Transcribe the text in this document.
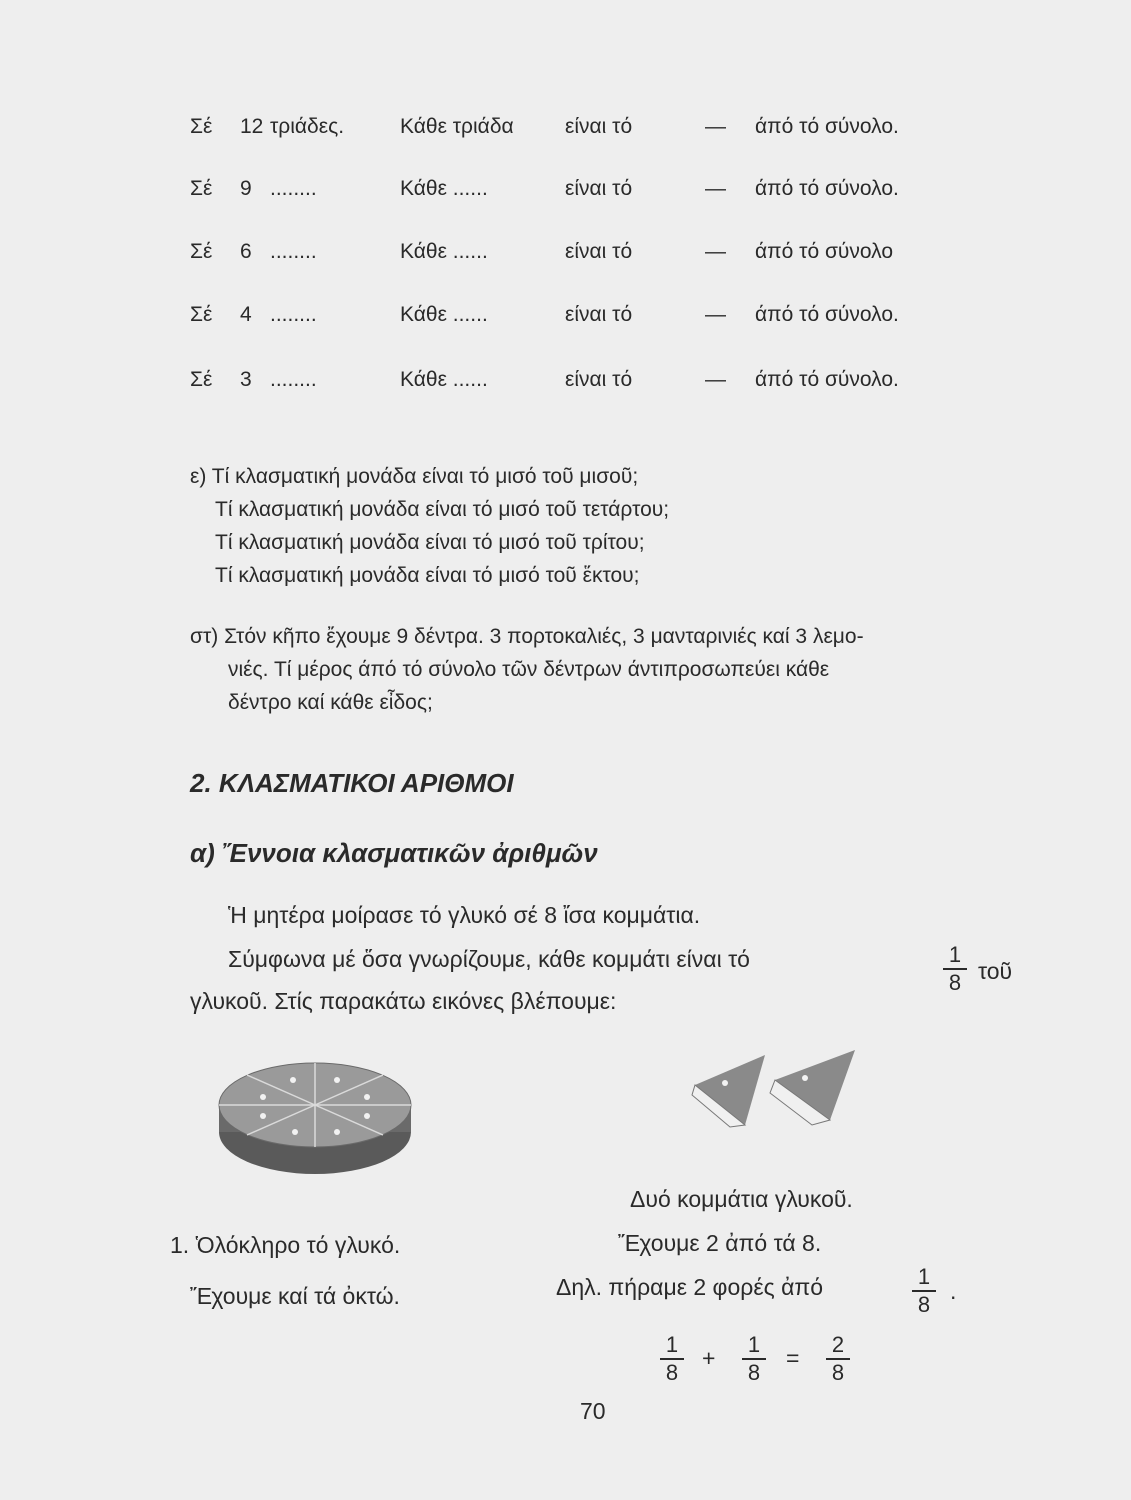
Σέ 12 τριάδες.	Κάθε τριάδα είναι τό	— άπό τό σύνολο.
Σέ 9 ........	Κάθε ......	είναι τό	— άπό τό σύνολο.
Σέ 6 ........	Κάθε ......	είναι τό	— άπό τό σύνολο
Σέ 4 ........	Κάθε ......	είναι τό	— άπό τό σύνολο.
Σέ 3 ........	Κάθε ......	είναι τό	— άπό τό σύνολο.
ε) Τί κλασματική μονάδα είναι τό μισό τοῦ μισοῦ;
Τί κλασματική μονάδα είναι τό μισό τοῦ τετάρτου;
Τί κλασματική μονάδα είναι τό μισό τοῦ τρίτου;
Τί κλασματική μονάδα είναι τό μισό τοῦ ἕκτου;
στ) Στόν κῆπο ἔχουμε 9 δέντρα. 3 πορτοκαλιές, 3 μανταρινιές καί 3 λεμο-
νιές. Τί μέρος άπό τό σύνολο τῶν δέντρων άντιπροσωπεύει κάθε
δέντρο καί κάθε εἶδος;
2. ΚΛΑΣΜΑΤΙΚΟΙ ΑΡΙΘΜΟΙ
α) Ἔννοια κλασματικῶν ἀριθμῶν
Ἡ μητέρα μοίρασε τό γλυκό σέ 8 ἴσα κομμάτια.
Σύμφωνα μέ ὅσα γνωρίζουμε, κάθε κομμάτι είναι τό	1
8 τοῦ
γλυκοῦ. Στίς παρακάτω εικόνες βλέπουμε:
1. Ὁλόκληρο τό γλυκό.
Ἔχουμε καί τά ὀκτώ.
Δυό κομμάτια γλυκοῦ.
Ἔχουμε 2 ἀπό τά 8.
Δηλ. πήραμε 2 φορές ἀπό	1
8
.
1
8
+
1
8
=
2
8
70
